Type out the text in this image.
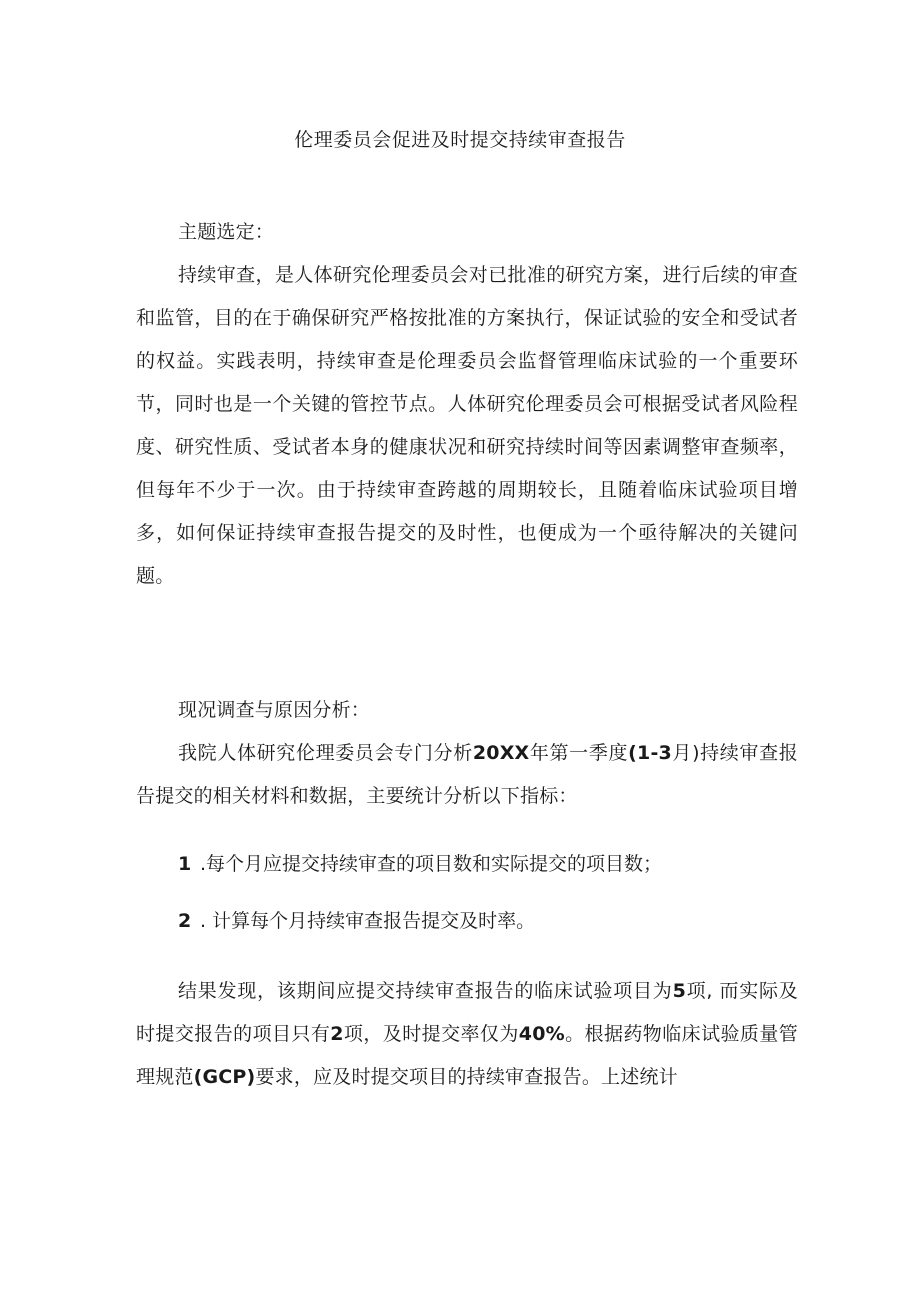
伦理委员会促进及时提交持续审查报告

主题选定：

持续审查，是人体研究伦理委员会对已批准的研究方案，进行后续的审查和监管，目的在于确保研究严格按批准的方案执行，保证试验的安全和受试者的权益。实践表明，持续审查是伦理委员会监督管理临床试验的一个重要环节，同时也是一个关键的管控节点。人体研究伦理委员会可根据受试者风险程度、研究性质、受试者本身的健康状况和研究持续时间等因素调整审查频率，但每年不少于一次。由于持续审查跨越的周期较长，且随着临床试验项目增多，如何保证持续审查报告提交的及时性，也便成为一个亟待解决的关键问题。

现况调查与原因分析：

我院人体研究伦理委员会专门分析20XX年第一季度(1-3月)持续审查报告提交的相关材料和数据，主要统计分析以下指标：

1 .每个月应提交持续审查的项目数和实际提交的项目数；
2 . 计算每个月持续审查报告提交及时率。

结果发现，该期间应提交持续审查报告的临床试验项目为5项, 而实际及时提交报告的项目只有2项，及时提交率仅为40%。根据药物临床试验质量管理规范(GCP)要求，应及时提交项目的持续审查报告。上述统计
